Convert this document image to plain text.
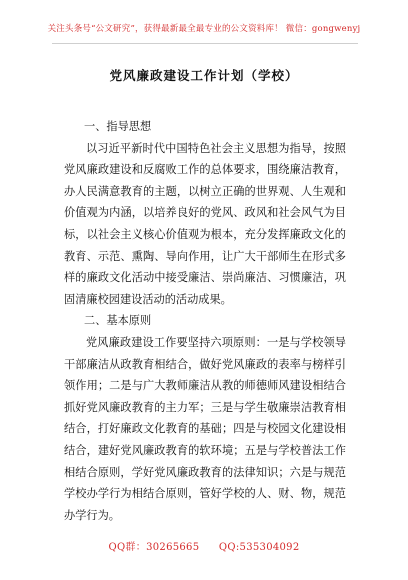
关注头条号“公文研究”，获得最新最全最专业的公文资料库！ 微信：gongwenyj
党风廉政建设工作计划（学校）

一、指导思想

以习近平新时代中国特色社会主义思想为指导，按照党风廉政建设和反腐败工作的总体要求，围绕廉洁教育，办人民满意教育的主题，以树立正确的世界观、人生观和价值观为内涵，以培养良好的党风、政风和社会风气为目标，以社会主义核心价值观为根本，充分发挥廉政文化的教育、示范、熏陶、导向作用，让广大干部师生在形式多样的廉政文化活动中接受廉洁、崇尚廉洁、习惯廉洁，巩固清廉校园建设活动的活动成果。

二、基本原则

党风廉政建设工作要坚持六项原则：一是与学校领导干部廉洁从政教育相结合，做好党风廉政的表率与榜样引领作用；二是与广大教师廉洁从教的师德师风建设相结合抓好党风廉政教育的主力军；三是与学生敬廉崇洁教育相结合，打好廉政文化教育的基础；四是与校园文化建设相结合，建好党风廉政教育的软环境；五是与学校普法工作相结合原则，学好党风廉政教育的法律知识；六是与规范学校办学行为相结合原则，管好学校的人、财、物，规范办学行为。

QQ群：30265665 QQ:535304092
